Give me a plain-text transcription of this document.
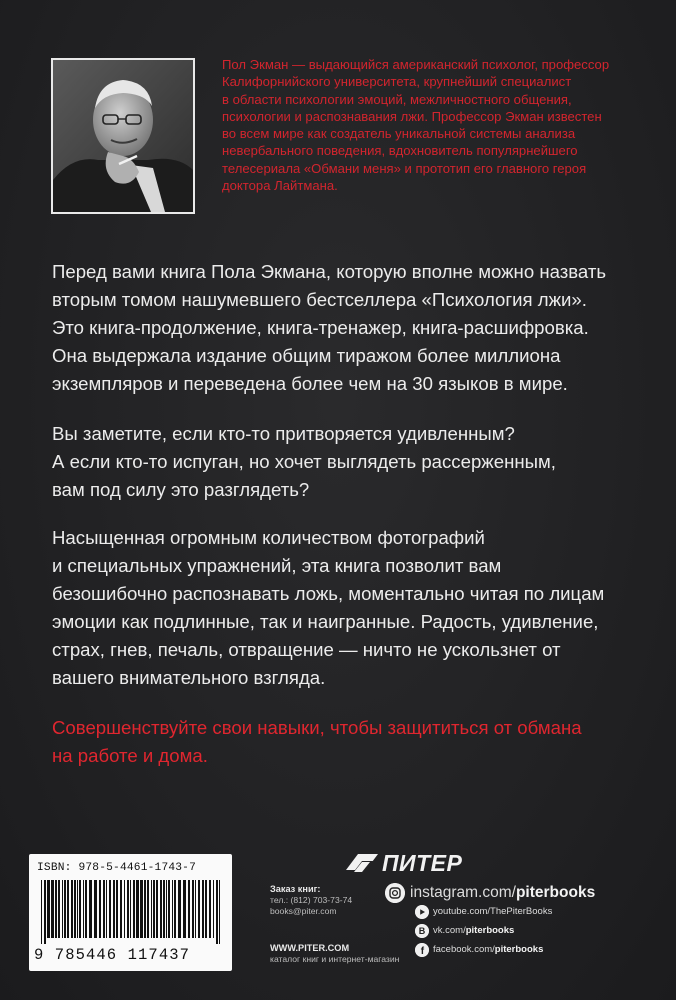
Пол Экман — выдающийся американский психолог, профессор
Калифорнийского университета, крупнейший специалист
в области психологии эмоций, межличностного общения,
психологии и распознавания лжи. Профессор Экман известен
во всем мире как создатель уникальной системы анализа
невербального поведения, вдохновитель популярнейшего
телесериала «Обмани меня» и прототип его главного героя
доктора Лайтмана.

Перед вами книга Пола Экмана, которую вполне можно назвать
вторым томом нашумевшего бестселлера «Психология лжи».
Это книга-продолжение, книга-тренажер, книга-расшифровка.
Она выдержала издание общим тиражом более миллиона
экземпляров и переведена более чем на 30 языков в мире.

Вы заметите, если кто-то притворяется удивленным?
А если кто-то испуган, но хочет выглядеть рассерженным,
вам под силу это разглядеть?

Насыщенная огромным количеством фотографий
и специальных упражнений, эта книга позволит вам
безошибочно распознавать ложь, моментально читая по лицам
эмоции как подлинные, так и наигранные. Радость, удивление,
страх, гнев, печаль, отвращение — ничто не ускользнет от
вашего внимательного взгляда.

Совершенствуйте свои навыки, чтобы защититься от обмана
на работе и дома.

ISBN: 978-5-4461-1743-7
9 785446 117437
ПИТЕР
Заказ книг:
тел.: (812) 703-73-74
books@piter.com
WWW.PITER.COM
каталог книг и интернет-магазин
instagram.com/piterbooks
youtube.com/ThePiterBooks
B vk.com/piterbooks
f facebook.com/piterbooks
